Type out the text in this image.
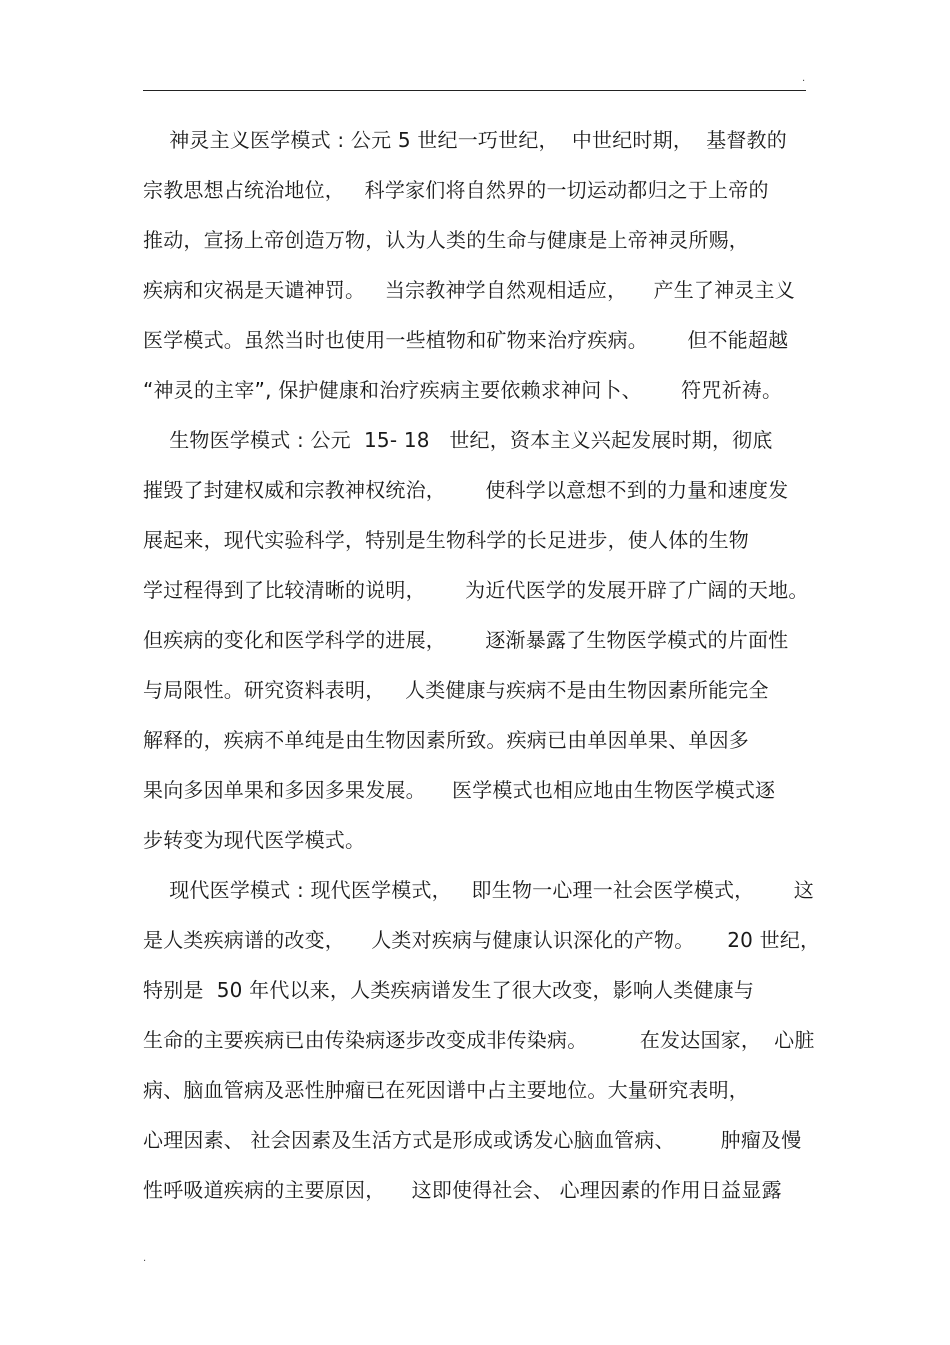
.
神灵主义医学模式 : 公元 5 世纪一巧世纪，  中世纪时期，  基督教的
宗教思想占统治地位，   科学家们将自然界的一切运动都归之于上帝的
推动，宣扬上帝创造万物，认为人类的生命与健康是上帝神灵所赐，
疾病和灾祸是天谴神罚。   当宗教神学自然观相适应，    产生了神灵主义
医学模式。虽然当时也使用一些植物和矿物来治疗疾病。      但不能超越
“神灵的主宰”, 保护健康和治疗疾病主要依赖求神问卜、      符咒祈祷。
生物医学模式 : 公元  15- 18   世纪，资本主义兴起发展时期，彻底
摧毁了封建权威和宗教神权统治，      使科学以意想不到的力量和速度发
展起来，现代实验科学，特别是生物科学的长足进步，使人体的生物
学过程得到了比较清晰的说明，      为近代医学的发展开辟了广阔的天地。
但疾病的变化和医学科学的进展，      逐渐暴露了生物医学模式的片面性
与局限性。研究资料表明，   人类健康与疾病不是由生物因素所能完全
解释的，疾病不单纯是由生物因素所致。疾病已由单因单果、单因多
果向多因单果和多因多果发展。    医学模式也相应地由生物医学模式逐
步转变为现代医学模式。
现代医学模式 : 现代医学模式，   即生物一心理一社会医学模式，      这
是人类疾病谱的改变，    人类对疾病与健康认识深化的产物。     20 世纪，
特别是  50 年代以来，人类疾病谱发生了很大改变，影响人类健康与
生命的主要疾病已由传染病逐步改变成非传染病。        在发达国家，  心脏
病、脑血管病及恶性肿瘤已在死因谱中占主要地位。大量研究表明，
心理因素、 社会因素及生活方式是形成或诱发心脑血管病、       肿瘤及慢
性呼吸道疾病的主要原因，    这即使得社会、 心理因素的作用日益显露
.
